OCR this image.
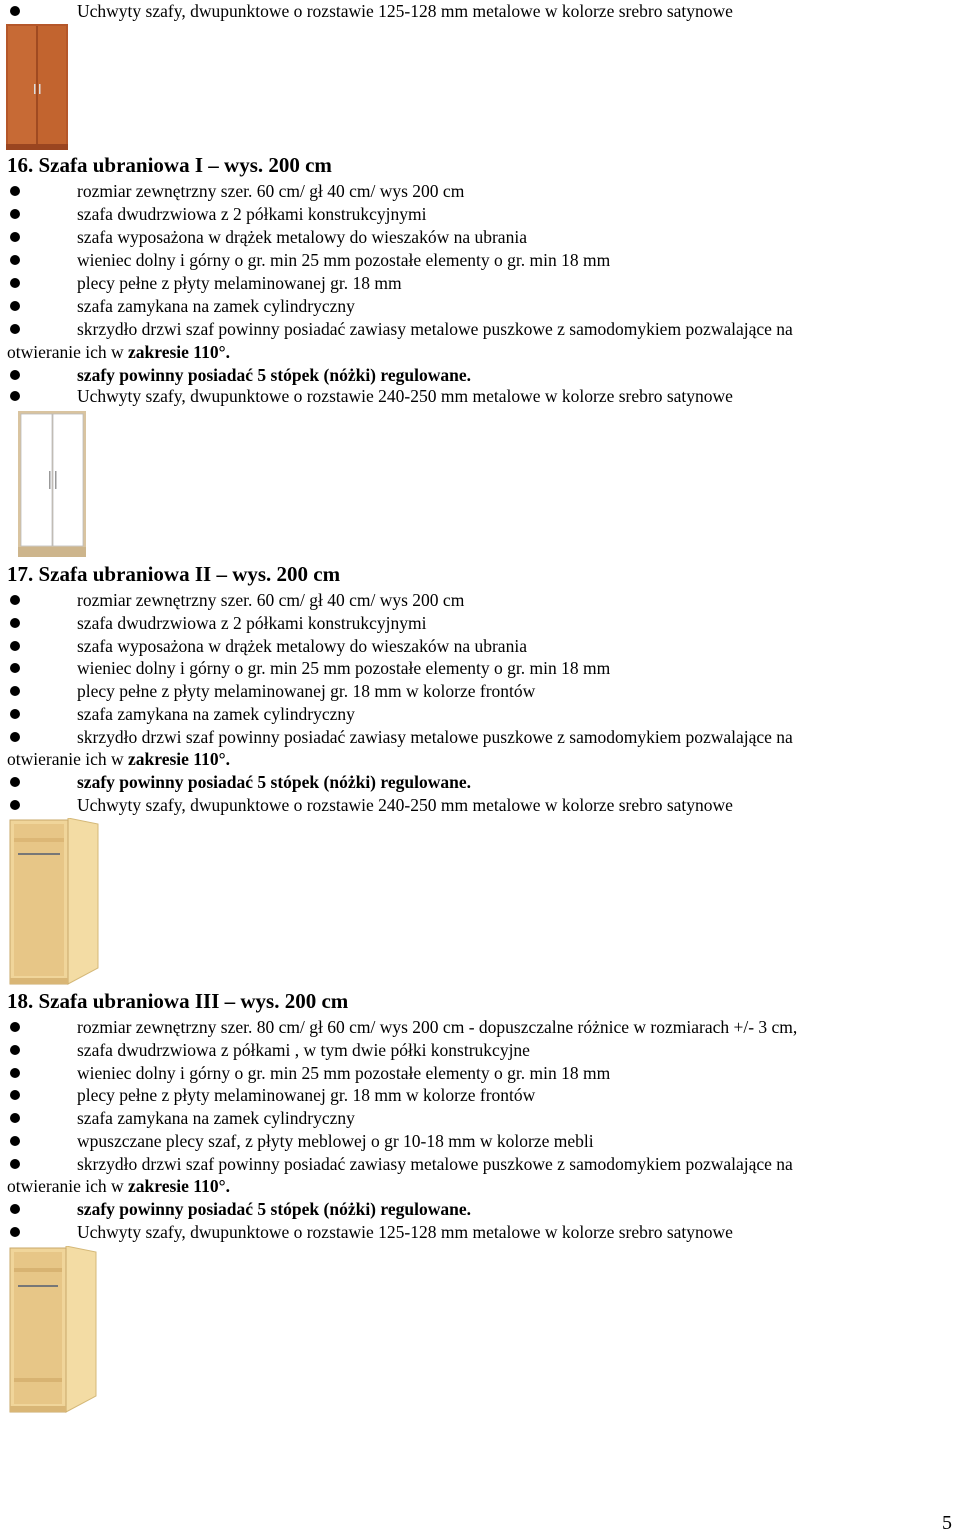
Uchwyty szafy, dwupunktowe o rozstawie 125-128 mm metalowe w kolorze srebro satynowe
16. Szafa ubraniowa I – wys. 200 cm
rozmiar zewnętrzny szer. 60 cm/ gł 40 cm/ wys 200 cm
szafa dwudrzwiowa z 2 półkami konstrukcyjnymi
szafa wyposażona w drążek metalowy do wieszaków na ubrania
wieniec dolny i górny o gr. min 25 mm pozostałe elementy o gr. min 18 mm
plecy pełne z płyty melaminowanej gr. 18 mm
szafa zamykana na zamek cylindryczny
skrzydło drzwi szaf powinny posiadać zawiasy metalowe puszkowe z samodomykiem pozwalające na
otwieranie ich w zakresie 110°.
szafy powinny posiadać 5 stópek (nóżki) regulowane.
Uchwyty szafy, dwupunktowe o rozstawie 240-250 mm metalowe w kolorze srebro satynowe
17. Szafa ubraniowa II – wys. 200 cm
rozmiar zewnętrzny szer. 60 cm/ gł 40 cm/ wys 200 cm
szafa dwudrzwiowa z 2 półkami konstrukcyjnymi
szafa wyposażona w drążek metalowy do wieszaków na ubrania
wieniec dolny i górny o gr. min 25 mm pozostałe elementy o gr. min 18 mm
plecy pełne z płyty melaminowanej gr. 18 mm w kolorze frontów
szafa zamykana na zamek cylindryczny
skrzydło drzwi szaf powinny posiadać zawiasy metalowe puszkowe z samodomykiem pozwalające na
otwieranie ich w zakresie 110°.
szafy powinny posiadać 5 stópek (nóżki) regulowane.
Uchwyty szafy, dwupunktowe o rozstawie 240-250 mm metalowe w kolorze srebro satynowe
18. Szafa ubraniowa III – wys. 200 cm
rozmiar zewnętrzny szer. 80 cm/ gł 60 cm/ wys 200 cm - dopuszczalne różnice w rozmiarach +/- 3 cm,
szafa dwudrzwiowa z półkami , w tym dwie półki konstrukcyjne
wieniec dolny i górny o gr. min 25 mm pozostałe elementy o gr. min 18 mm
plecy pełne z płyty melaminowanej gr. 18 mm w kolorze frontów
szafa zamykana na zamek cylindryczny
wpuszczane plecy szaf, z płyty meblowej o gr 10-18 mm w kolorze mebli
skrzydło drzwi szaf powinny posiadać zawiasy metalowe puszkowe z samodomykiem pozwalające na
otwieranie ich w zakresie 110°.
szafy powinny posiadać 5 stópek (nóżki) regulowane.
Uchwyty szafy, dwupunktowe o rozstawie 125-128 mm metalowe w kolorze srebro satynowe
5
